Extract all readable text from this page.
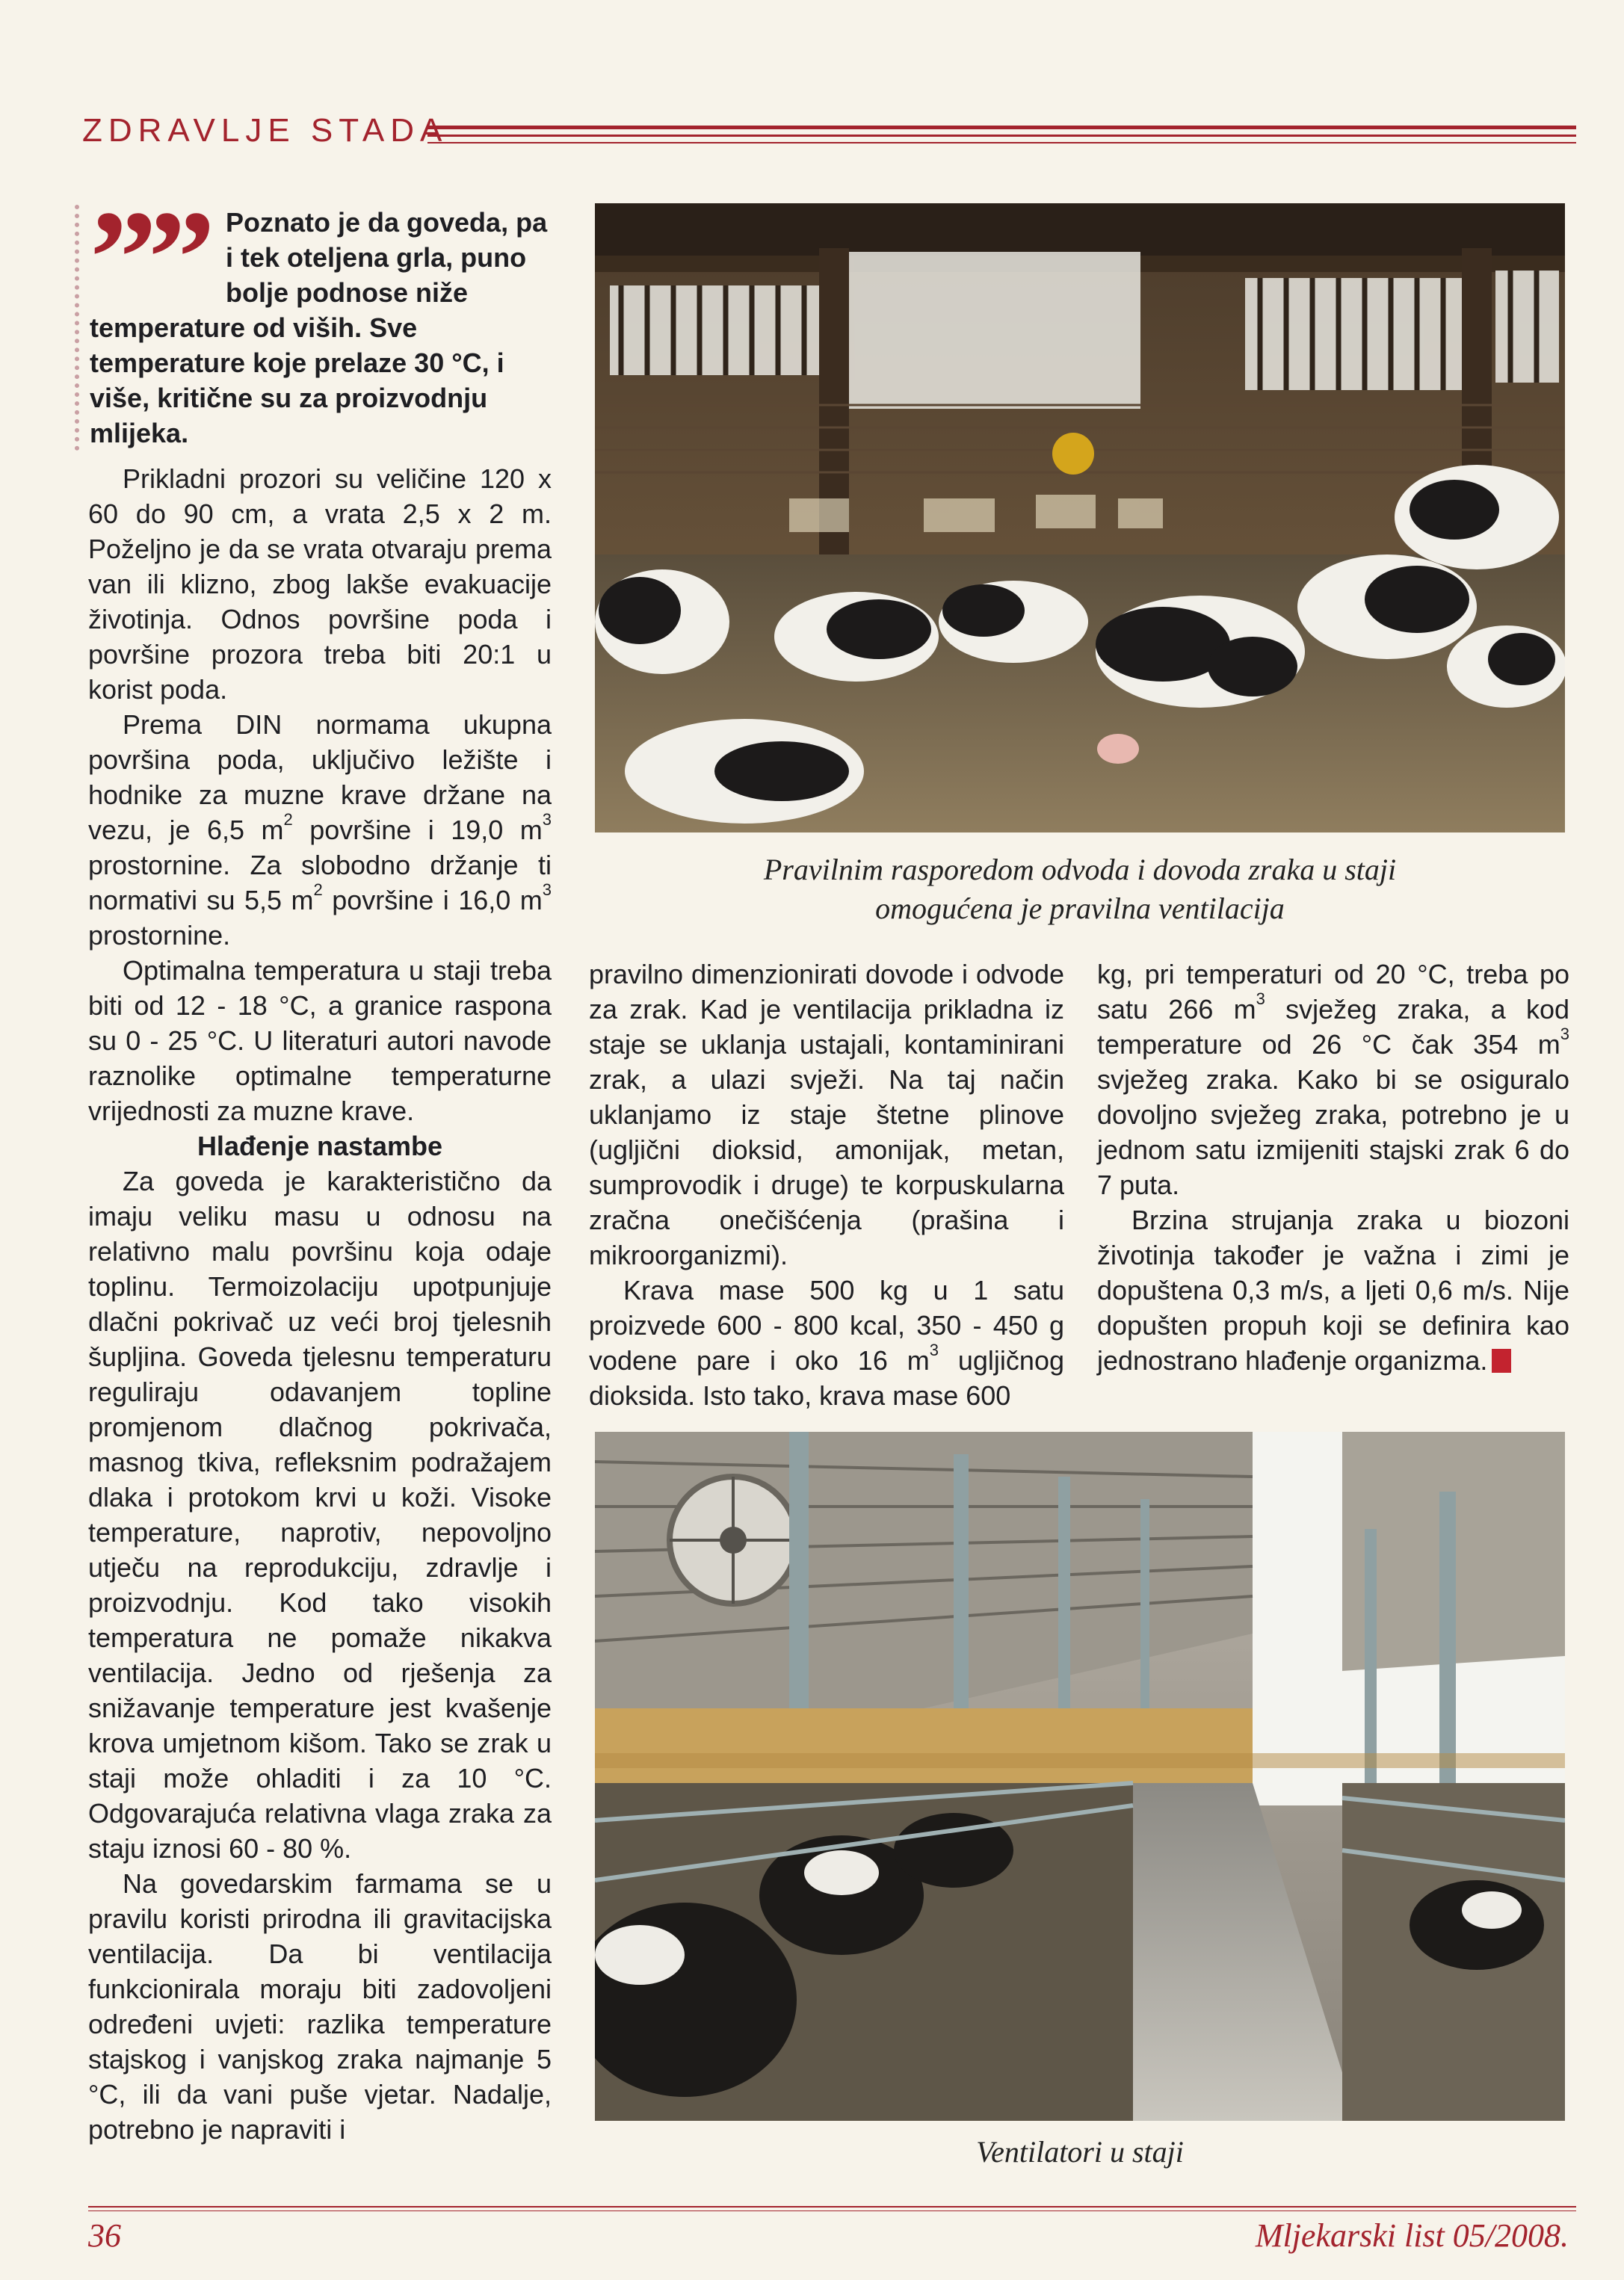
ZDRAVLJE STADA
”” Poznato je da goveda, pa i tek oteljena grla, puno bolje podnose niže temperature od viših. Sve temperature koje prelaze 30 °C, i više, kritične su za proizvodnju mlijeka.

Prikladni prozori su veličine 120 x 60 do 90 cm, a vrata 2,5 x 2 m. Poželjno je da se vrata otvaraju prema van ili klizno, zbog lakše evakuacije životinja. Odnos površine poda i površine prozora treba biti 20:1 u korist poda.

Prema DIN normama ukupna površina poda, uključivo ležište i hodnike za muzne krave držane na vezu, je 6,5 $m^2$ površine i 19,0 $m^3$ prostornine. Za slobodno držanje ti normativi su 5,5 $m^2$ površine i 16,0 $m^3$ prostornine.

Optimalna temperatura u staji treba biti od 12 - 18 °C, a granice raspona su 0 - 25 °C. U literaturi autori navode raznolike optimalne temperaturne vrijednosti za muzne krave.

Hlađenje nastambe

Za goveda je karakteristično da imaju veliku masu u odnosu na relativno malu površinu koja odaje toplinu. Termoizolaciju upotpunjuje dlačni pokrivač uz veći broj tjelesnih šupljina. Goveda tjelesnu temperaturu reguliraju odavanjem topline promjenom dlačnog pokrivača, masnog tkiva, refleksnim podražajem dlaka i protokom krvi u koži. Visoke temperature, naprotiv, nepovoljno utječu na reprodukciju, zdravlje i proizvodnju. Kod tako visokih temperatura ne pomaže nikakva ventilacija. Jedno od rješenja za snižavanje temperature jest kvašenje krova umjetnom kišom. Tako se zrak u staji može ohladiti i za 10 °C. Odgovarajuća relativna vlaga zraka za staju iznosi 60 - 80 %.

Na govedarskim farmama se u pravilu koristi prirodna ili gravitacijska ventilacija. Da bi ventilacija funkcionirala moraju biti zadovoljeni određeni uvjeti: razlika temperature stajskog i vanjskog zraka najmanje 5 °C, ili da vani puše vjetar. Nadalje, potrebno je napraviti i

Pravilnim rasporedom odvoda i dovoda zraka u staji
omogućena je pravilna ventilacija

pravilno dimenzionirati dovode i odvode za zrak. Kad je ventilacija prikladna iz staje se uklanja ustajali, kontaminirani zrak, a ulazi svježi. Na taj način uklanjamo iz staje štetne plinove (ugljični dioksid, amonijak, metan, sumprovodik i druge) te korpuskularna zračna onečišćenja (prašina i mikroorganizmi).

Krava mase 500 kg u 1 satu proizvede 600 - 800 kcal, 350 - 450 g vodene pare i oko 16 $m^3$ ugljičnog dioksida. Isto tako, krava mase 600

kg, pri temperaturi od 20 °C, treba po satu 266 $m^3$ svježeg zraka, a kod temperature od 26 °C čak 354 $m^3$ svježeg zraka. Kako bi se osiguralo dovoljno svježeg zraka, potrebno je u jednom satu izmijeniti stajski zrak 6 do 7 puta.

Brzina strujanja zraka u biozoni životinja također je važna i zimi je dopuštena 0,3 m/s, a ljeti 0,6 m/s. Nije dopušten propuh koji se definira kao jednostrano hlađenje organizma.

Ventilatori u staji
36	Mljekarski list 05/2008.
